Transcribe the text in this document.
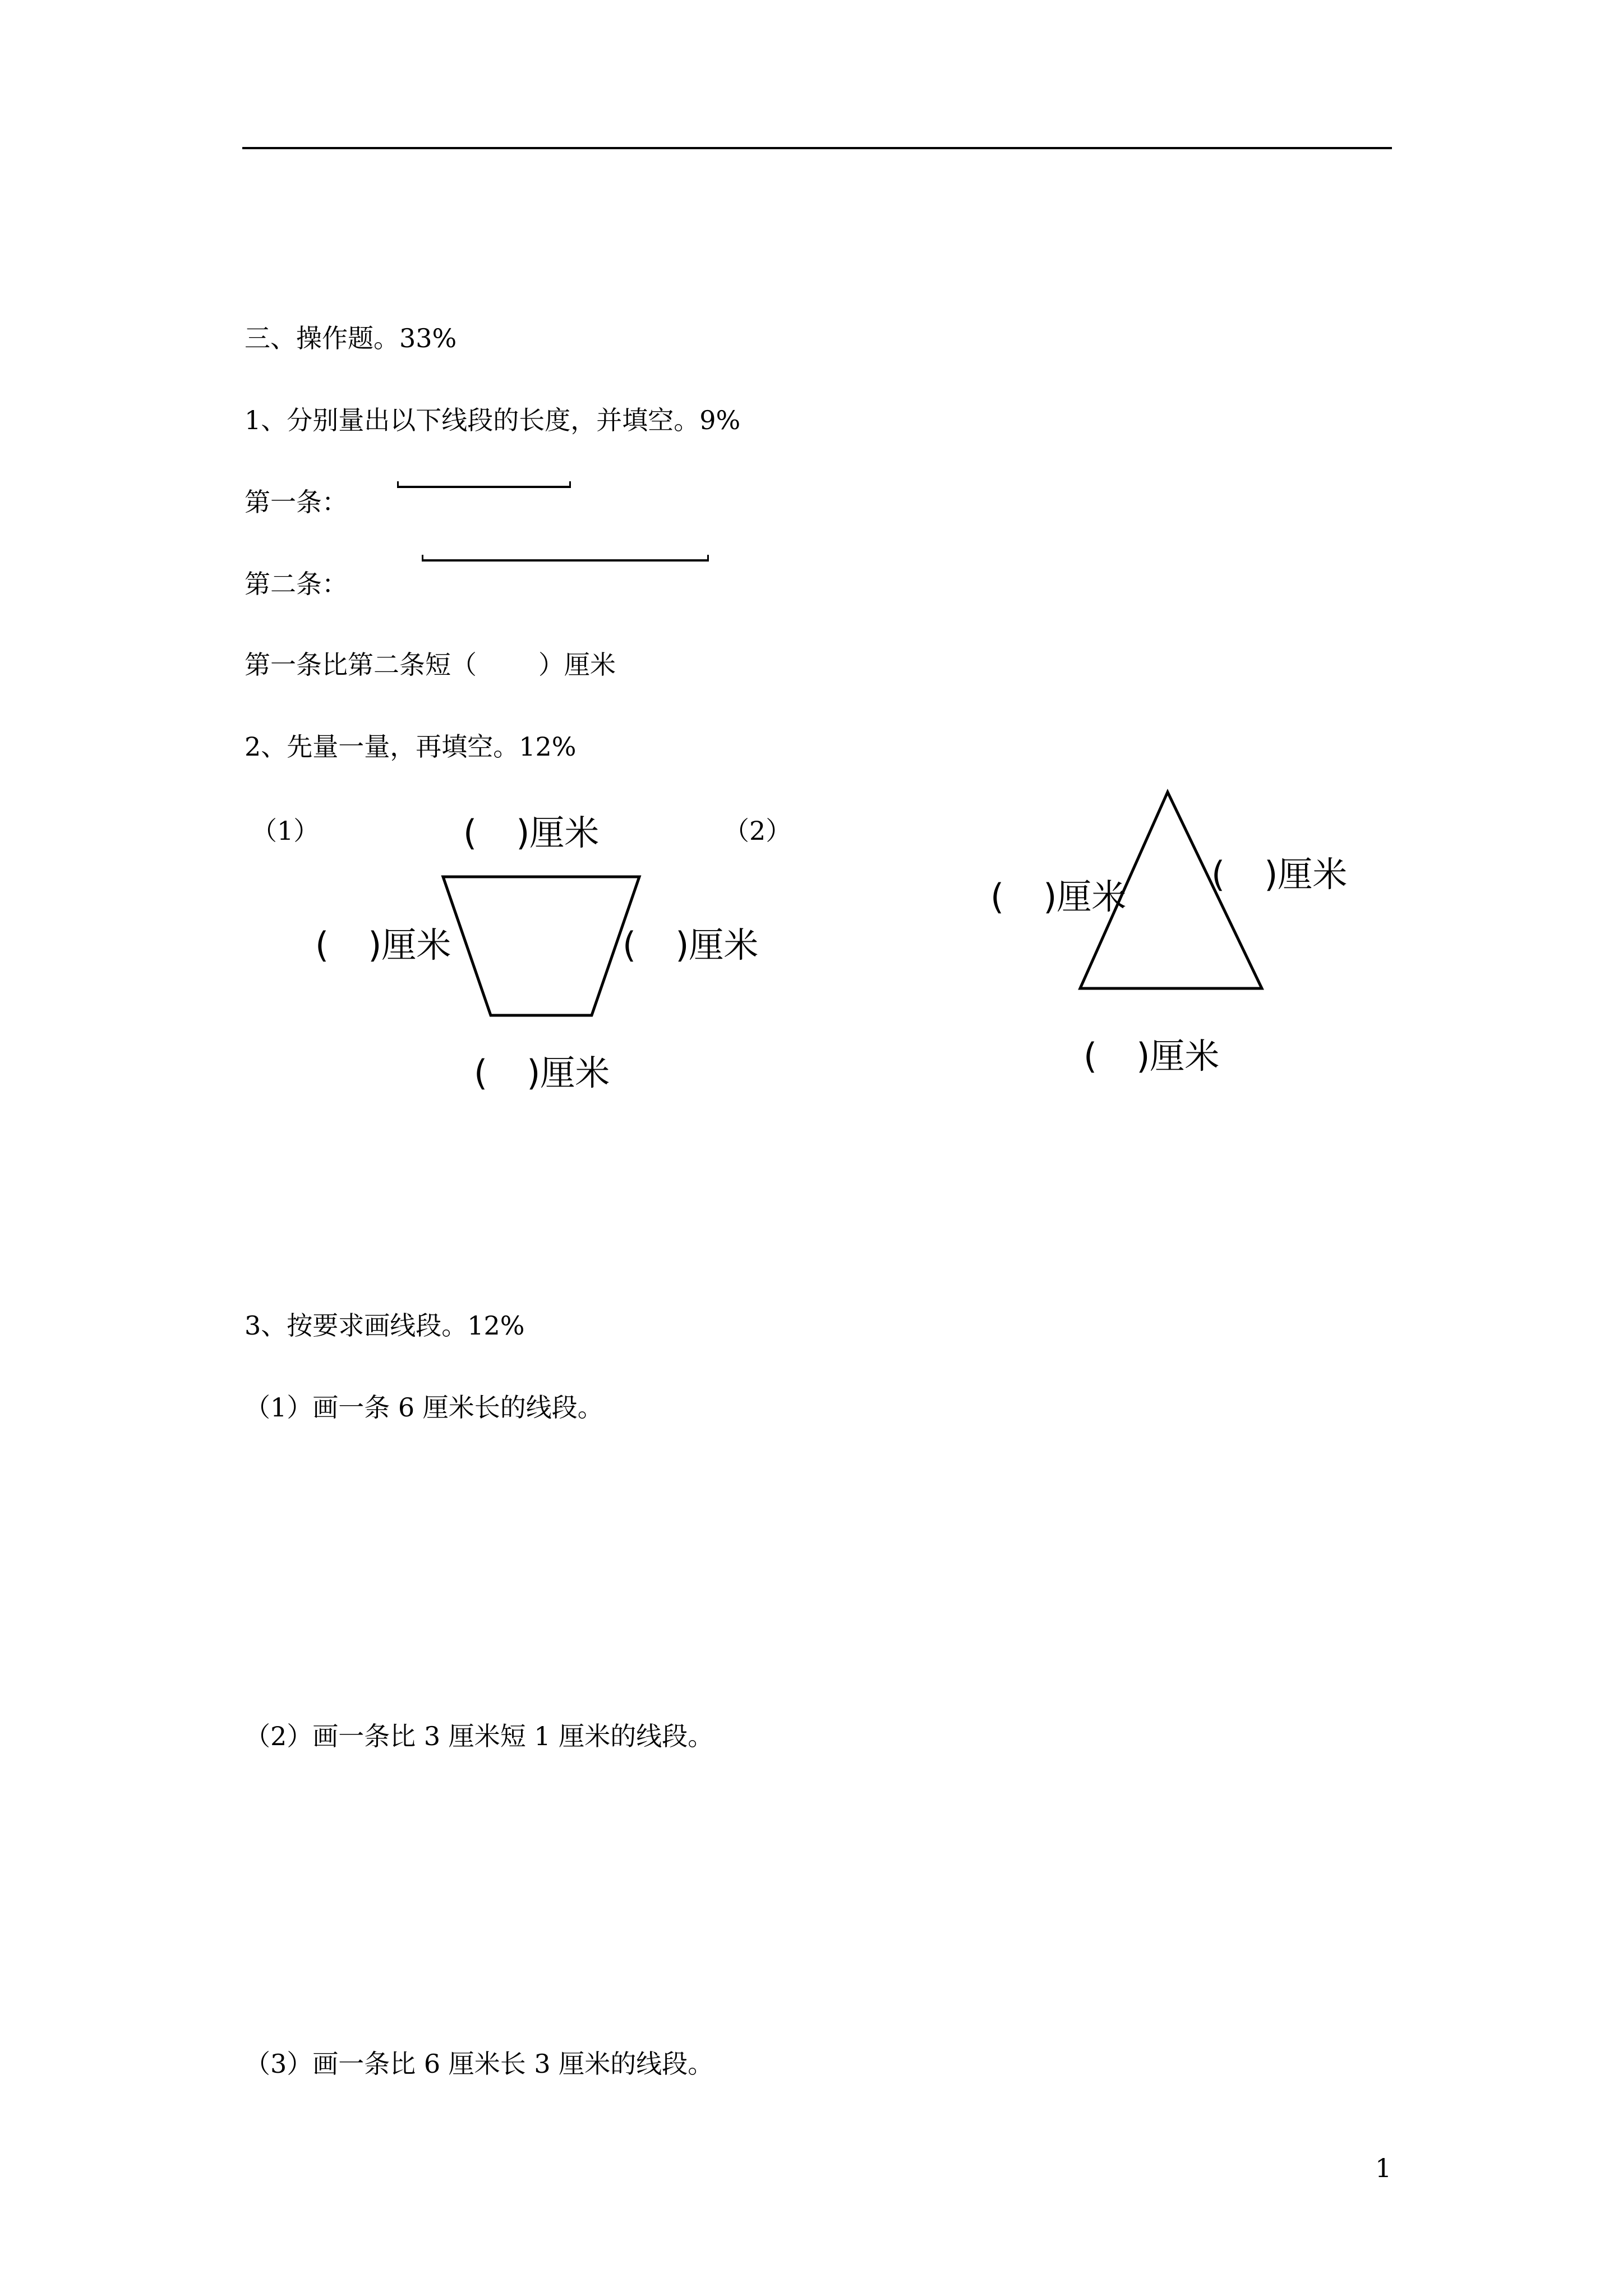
三、操作题。33%
1、分别量出以下线段的长度，并填空。9%
第一条：
第二条：
第一条比第二条短（ ）厘米
2、先量一量，再填空。12%
（1）	（2）
( )厘米
( )厘米	( )厘米
( )厘米
( )厘米
( )厘米
( )厘米
3、按要求画线段。12%
（1）画一条 6 厘米长的线段。
（2）画一条比 3 厘米短 1 厘米的线段。
（3）画一条比 6 厘米长 3 厘米的线段。
1
